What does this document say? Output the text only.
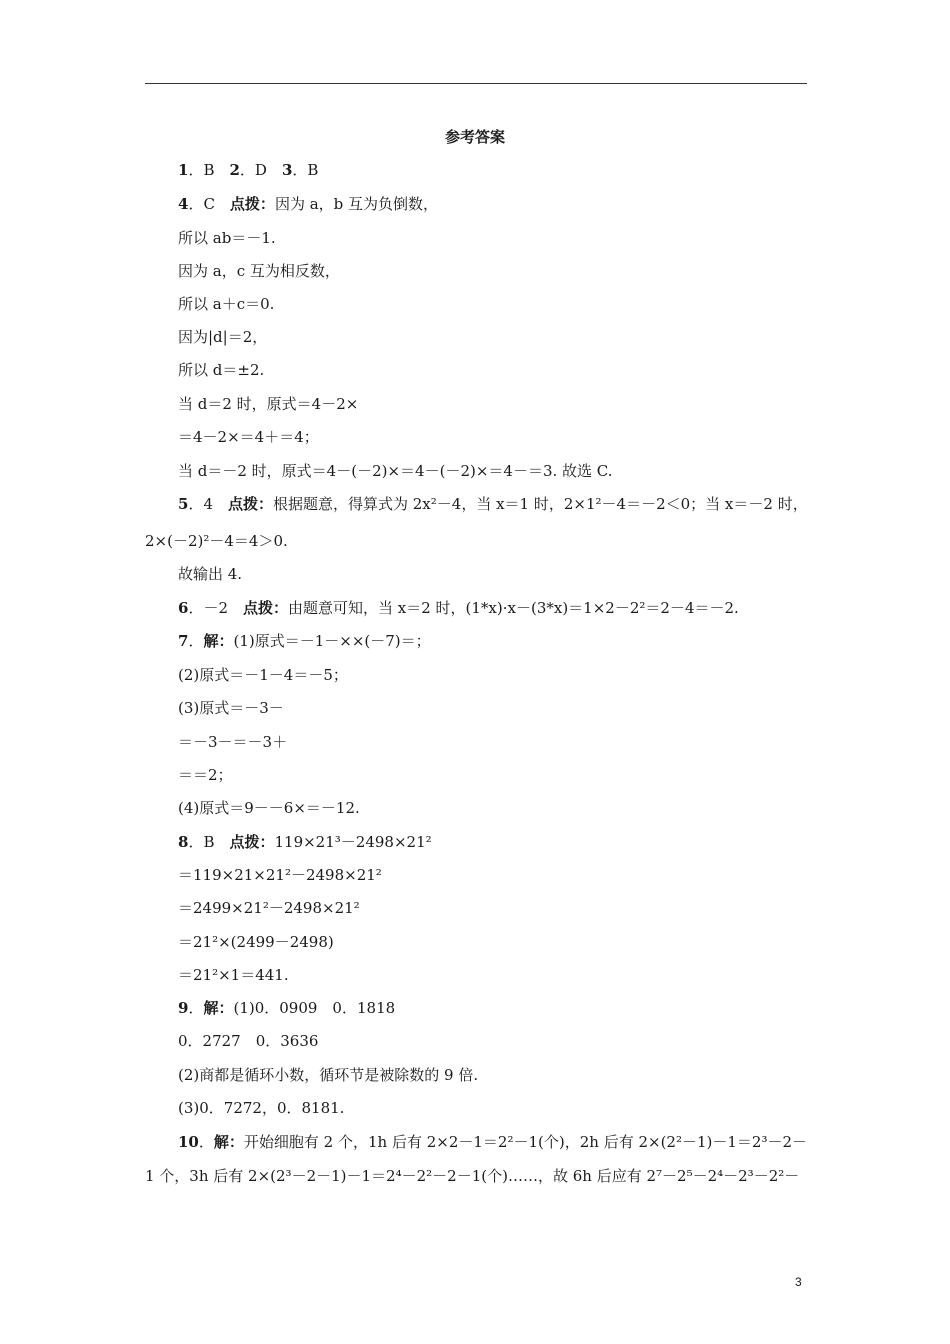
参考答案
1．B　2．D　3．B
4．C　点拨：因为 a，b 互为负倒数，
所以 ab＝－1.
因为 a，c 互为相反数，
所以 a＋c＝0.
因为|d|＝2，
所以 d＝±2.
当 d＝2 时，原式＝4－2×
＝4－2×＝4＋＝4；
当 d＝－2 时，原式＝4－(－2)×＝4－(－2)×＝4－＝3. 故选 C.
5．4　点拨：根据题意，得算式为 2x²－4，当 x＝1 时，2×1²－4＝－2＜0；当 x＝－2 时，
2×(－2)²－4＝4＞0.
故输出 4.
6．－2　点拨：由题意可知，当 x＝2 时，(1*x)·x－(3*x)＝1×2－2²＝2－4＝－2.
7．解：(1)原式＝－1－××(－7)＝；
(2)原式＝－1－4＝－5；
(3)原式＝－3－
＝－3－＝－3＋
＝＝2；
(4)原式＝9－－6×＝－12.
8．B　点拨：119×21³－2498×21²
＝119×21×21²－2498×21²
＝2499×21²－2498×21²
＝21²×(2499－2498)
＝21²×1＝441.
9．解：(1)0．0909　0．1818
0．2727　0．3636
(2)商都是循环小数，循环节是被除数的 9 倍.
(3)0．7272，0．8181.
10．解：开始细胞有 2 个，1h 后有 2×2－1＝2²－1(个)，2h 后有 2×(2²－1)－1＝2³－2－
1 个，3h 后有 2×(2³－2－1)－1＝2⁴－2²－2－1(个)……，故 6h 后应有 2⁷－2⁵－2⁴－2³－2²－
3
